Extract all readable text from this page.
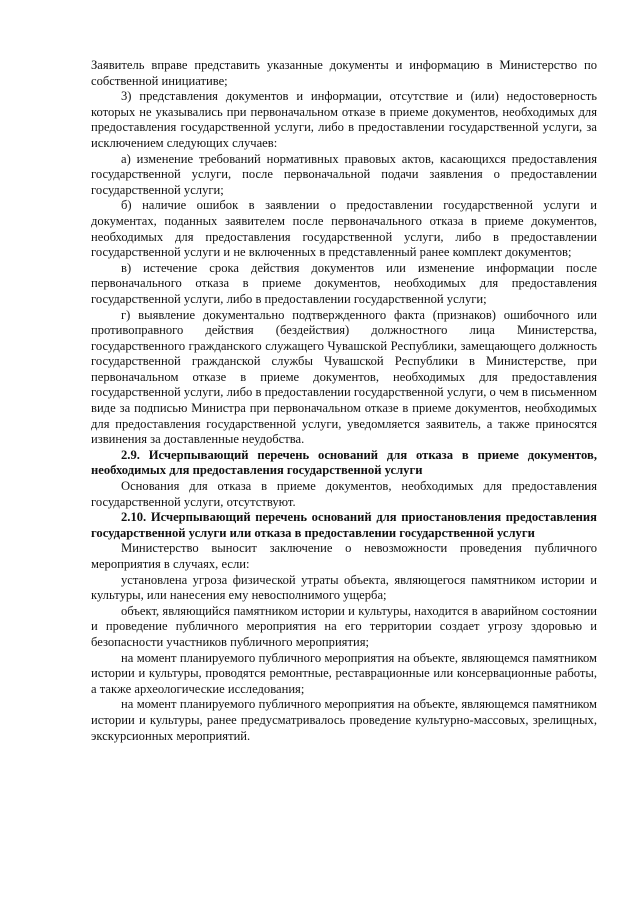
Заявитель вправе представить указанные документы и информацию в Министерство по собственной инициативе;

3) представления документов и информации, отсутствие и (или) недостоверность которых не указывались при первоначальном отказе в приеме документов, необходимых для предоставления государственной услуги, либо в предоставлении государственной услуги, за исключением следующих случаев:

а) изменение требований нормативных правовых актов, касающихся предоставления государственной услуги, после первоначальной подачи заявления о предоставлении государственной услуги;

б) наличие ошибок в заявлении о предоставлении государственной услуги и документах, поданных заявителем после первоначального отказа в приеме документов, необходимых для предоставления государственной услуги, либо в предоставлении государственной услуги и не включенных в представленный ранее комплект документов;

в) истечение срока действия документов или изменение информации после первоначального отказа в приеме документов, необходимых для предоставления государственной услуги, либо в предоставлении государственной услуги;

г) выявление документально подтвержденного факта (признаков) ошибочного или противоправного действия (бездействия) должностного лица Министерства, государственного гражданского служащего Чувашской Республики, замещающего должность государственной гражданской службы Чувашской Республики в Министерстве, при первоначальном отказе в приеме документов, необходимых для предоставления государственной услуги, либо в предоставлении государственной услуги, о чем в письменном виде за подписью Министра при первоначальном отказе в приеме документов, необходимых для предоставления государственной услуги, уведомляется заявитель, а также приносятся извинения за доставленные неудобства.

2.9. Исчерпывающий перечень оснований для отказа в приеме документов, необходимых для предоставления государственной услуги

Основания для отказа в приеме документов, необходимых для предоставления государственной услуги, отсутствуют.

2.10. Исчерпывающий перечень оснований для приостановления предоставления государственной услуги или отказа в предоставлении государственной услуги

Министерство выносит заключение о невозможности проведения публичного мероприятия в случаях, если:

установлена угроза физической утраты объекта, являющегося памятником истории и культуры, или нанесения ему невосполнимого ущерба;

объект, являющийся памятником истории и культуры, находится в аварийном состоянии и проведение публичного мероприятия на его территории создает угрозу здоровью и безопасности участников публичного мероприятия;

на момент планируемого публичного мероприятия на объекте, являющемся памятником истории и культуры, проводятся ремонтные, реставрационные или консервационные работы, а также археологические исследования;

на момент планируемого публичного мероприятия на объекте, являющемся памятником истории и культуры, ранее предусматривалось проведение культурно-массовых, зрелищных, экскурсионных мероприятий.
